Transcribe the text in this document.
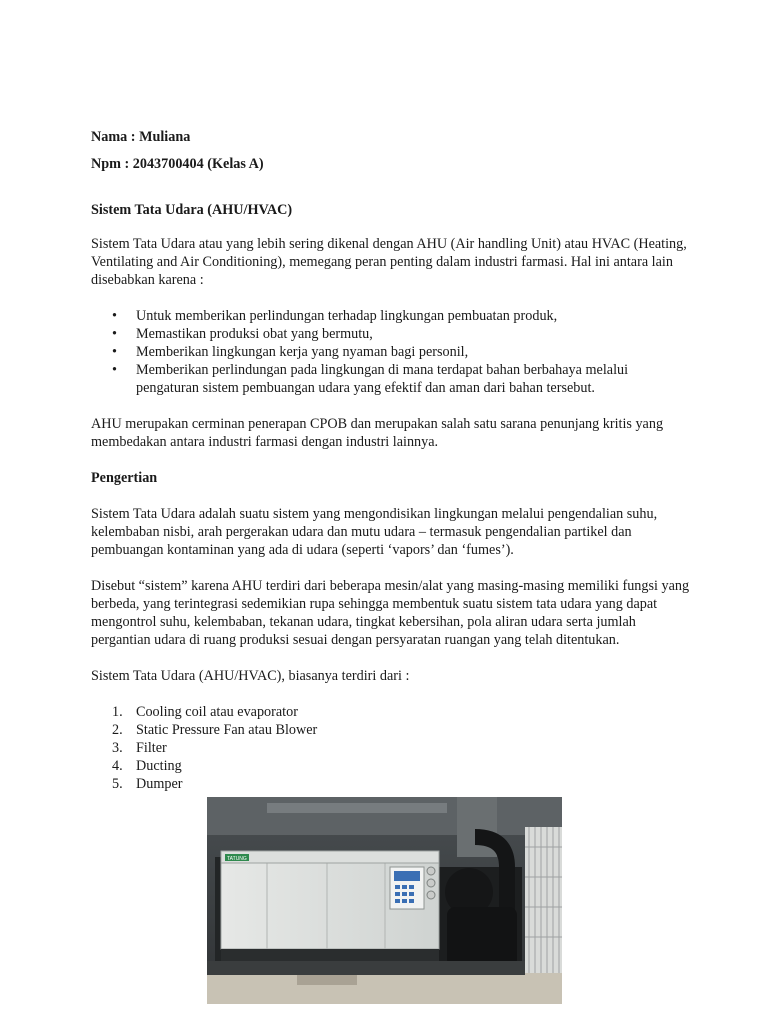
Nama : Muliana

Npm : 2043700404 (Kelas A)

Sistem Tata Udara (AHU/HVAC)

Sistem Tata Udara atau yang lebih sering dikenal dengan AHU (Air handling Unit) atau HVAC (Heating, Ventilating and Air Conditioning), memegang peran penting dalam industri farmasi. Hal ini antara lain disebabkan karena :

• Untuk memberikan perlindungan terhadap lingkungan pembuatan produk,
• Memastikan produksi obat yang bermutu,
• Memberikan lingkungan kerja yang nyaman bagi personil,
• Memberikan perlindungan pada lingkungan di mana terdapat bahan berbahaya melalui pengaturan sistem pembuangan udara yang efektif dan aman dari bahan tersebut.

AHU merupakan cerminan penerapan CPOB dan merupakan salah satu sarana penunjang kritis yang membedakan antara industri farmasi dengan industri lainnya.

Pengertian

Sistem Tata Udara adalah suatu sistem yang mengondisikan lingkungan melalui pengendalian suhu, kelembaban nisbi, arah pergerakan udara dan mutu udara – termasuk pengendalian partikel dan pembuangan kontaminan yang ada di udara (seperti ‘vapors’ dan ‘fumes’).

Disebut “sistem” karena AHU terdiri dari beberapa mesin/alat yang masing-masing memiliki fungsi yang berbeda, yang terintegrasi sedemikian rupa sehingga membentuk suatu sistem tata udara yang dapat mengontrol suhu, kelembaban, tekanan udara, tingkat kebersihan, pola aliran udara serta jumlah pergantian udara di ruang produksi sesuai dengan persyaratan ruangan yang telah ditentukan.

Sistem Tata Udara (AHU/HVAC), biasanya terdiri dari :

1. Cooling coil atau evaporator
2. Static Pressure Fan atau Blower
3. Filter
4. Ducting
5. Dumper
TATUNG
